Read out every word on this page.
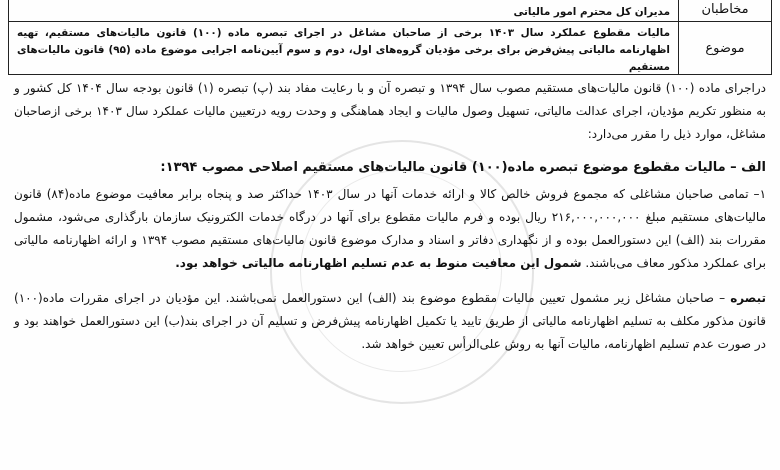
مخاطبان
مدیران کل محترم امور مالیاتی
موضوع
مالیات مقطوع عملکرد سال ۱۴۰۳ برخی از صاحبان مشاغل در اجرای تبصره ماده (۱۰۰) قانون مالیات‌های مستقیم، تهیه اظهارنامه مالیاتی پیش‌فرض برای برخی مؤدیان گروه‌های اول، دوم و سوم آیین‌نامه اجرایی موضوع ماده (۹۵) قانون مالیات‌های مستقیم

دراجرای ماده (۱۰۰) قانون مالیات‌های مستقیم مصوب سال ۱۳۹۴ و تبصره آن و با رعایت مفاد بند (پ) تبصره (۱) قانون بودجه سال ۱۴۰۴ کل کشور و به منظور تکریم مؤدیان، اجرای عدالت مالیاتی، تسهیل وصول مالیات و ایجاد هماهنگی و وحدت رویه درتعیین مالیات عملکرد سال ۱۴۰۳ برخی ازصاحبان مشاغل، موارد ذیل را مقرر می‌دارد:

الف – مالیات مقطوع موضوع تبصره ماده(۱۰۰) قانون مالیات‌های مستقیم اصلاحی مصوب ۱۳۹۴:

۱– تمامی صاحبان مشاغلی که مجموع فروش خالص کالا و ارائه خدمات آنها در سال ۱۴۰۳ حداکثر صد و پنجاه برابر معافیت موضوع ماده(۸۴) قانون مالیات‌های مستقیم مبلغ ۲۱۶,۰۰۰,۰۰۰,۰۰۰ ریال بوده و فرم مالیات مقطوع برای آنها در درگاه خدمات الکترونیک سازمان بارگذاری می‌شود، مشمول مقررات بند (الف) این دستورالعمل بوده و از نگهداری دفاتر و اسناد و مدارک موضوع قانون مالیات‌های مستقیم مصوب ۱۳۹۴ و ارائه اظهارنامه مالیاتی برای عملکرد مذکور معاف می‌باشند. شمول این معافیت منوط به عدم تسلیم اظهارنامه مالیاتی خواهد بود.

تبصره – صاحبان مشاغل زیر مشمول تعیین مالیات مقطوع موضوع بند (الف) این دستورالعمل نمی‌باشند. این مؤدیان در اجرای مقررات ماده(۱۰۰) قانون مذکور مکلف به تسلیم اظهارنامه مالیاتی از طریق تایید یا تکمیل اظهارنامه پیش‌فرض و تسلیم آن در اجرای بند(ب) این دستورالعمل خواهند بود و در صورت عدم تسلیم اظهارنامه، مالیات آنها به روش علی‌الرأس تعیین خواهد شد.
